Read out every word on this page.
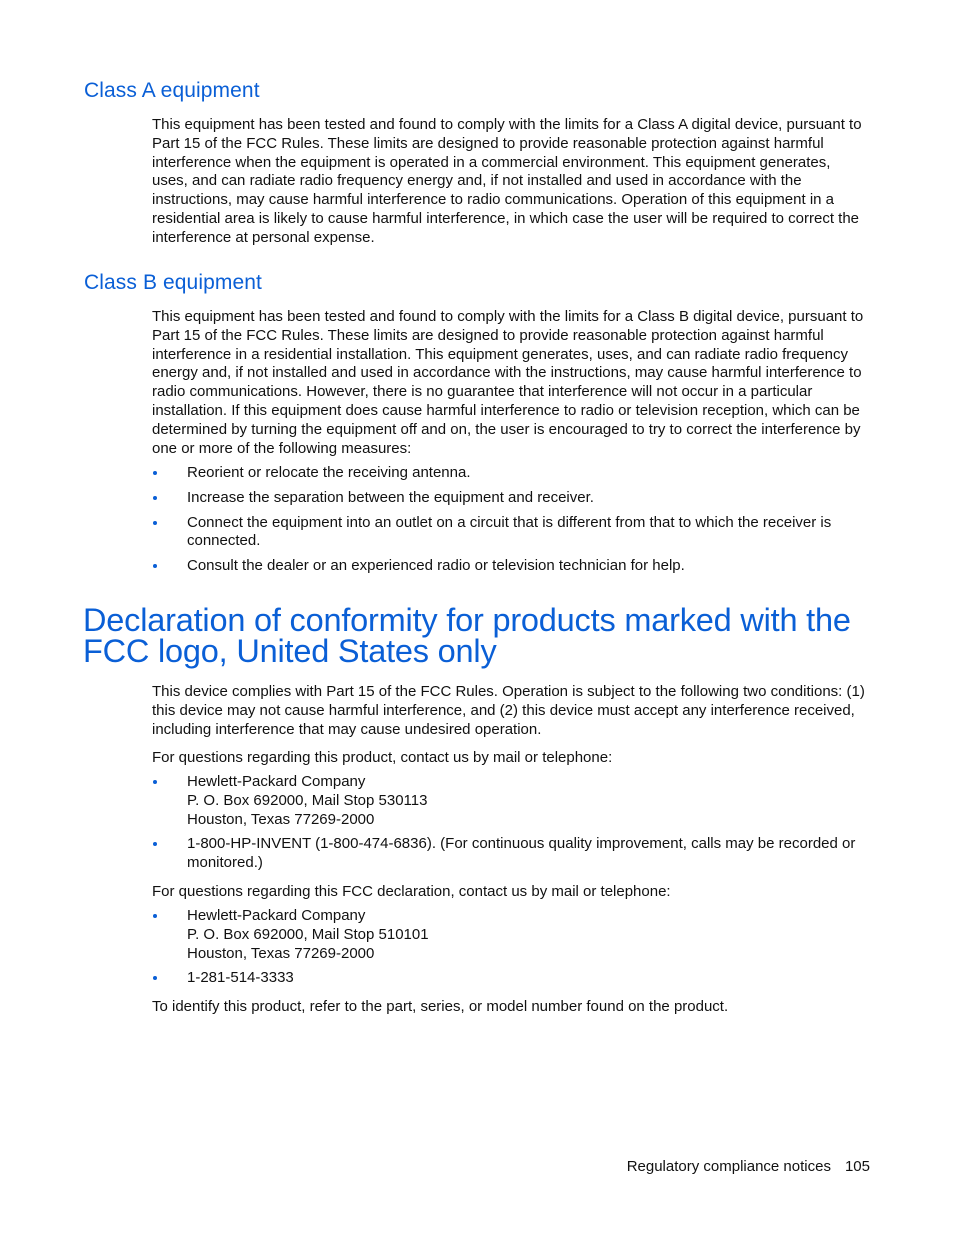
Class A equipment

This equipment has been tested and found to comply with the limits for a Class A digital device, pursuant to Part 15 of the FCC Rules. These limits are designed to provide reasonable protection against harmful interference when the equipment is operated in a commercial environment. This equipment generates, uses, and can radiate radio frequency energy and, if not installed and used in accordance with the instructions, may cause harmful interference to radio communications. Operation of this equipment in a residential area is likely to cause harmful interference, in which case the user will be required to correct the interference at personal expense.

Class B equipment

This equipment has been tested and found to comply with the limits for a Class B digital device, pursuant to Part 15 of the FCC Rules. These limits are designed to provide reasonable protection against harmful interference in a residential installation. This equipment generates, uses, and can radiate radio frequency energy and, if not installed and used in accordance with the instructions, may cause harmful interference to radio communications. However, there is no guarantee that interference will not occur in a particular installation. If this equipment does cause harmful interference to radio or television reception, which can be determined by turning the equipment off and on, the user is encouraged to try to correct the interference by one or more of the following measures:

Reorient or relocate the receiving antenna.
Increase the separation between the equipment and receiver.
Connect the equipment into an outlet on a circuit that is different from that to which the receiver is connected.
Consult the dealer or an experienced radio or television technician for help.
Declaration of conformity for products marked with the FCC logo, United States only

This device complies with Part 15 of the FCC Rules. Operation is subject to the following two conditions: (1) this device may not cause harmful interference, and (2) this device must accept any interference received, including interference that may cause undesired operation.

For questions regarding this product, contact us by mail or telephone:

Hewlett-Packard Company
P. O. Box 692000, Mail Stop 530113
Houston, Texas 77269-2000
1-800-HP-INVENT (1-800-474-6836). (For continuous quality improvement, calls may be recorded or monitored.)

For questions regarding this FCC declaration, contact us by mail or telephone:

Hewlett-Packard Company
P. O. Box 692000, Mail Stop 510101
Houston, Texas 77269-2000
1-281-514-3333

To identify this product, refer to the part, series, or model number found on the product.

Regulatory compliance notices 105
